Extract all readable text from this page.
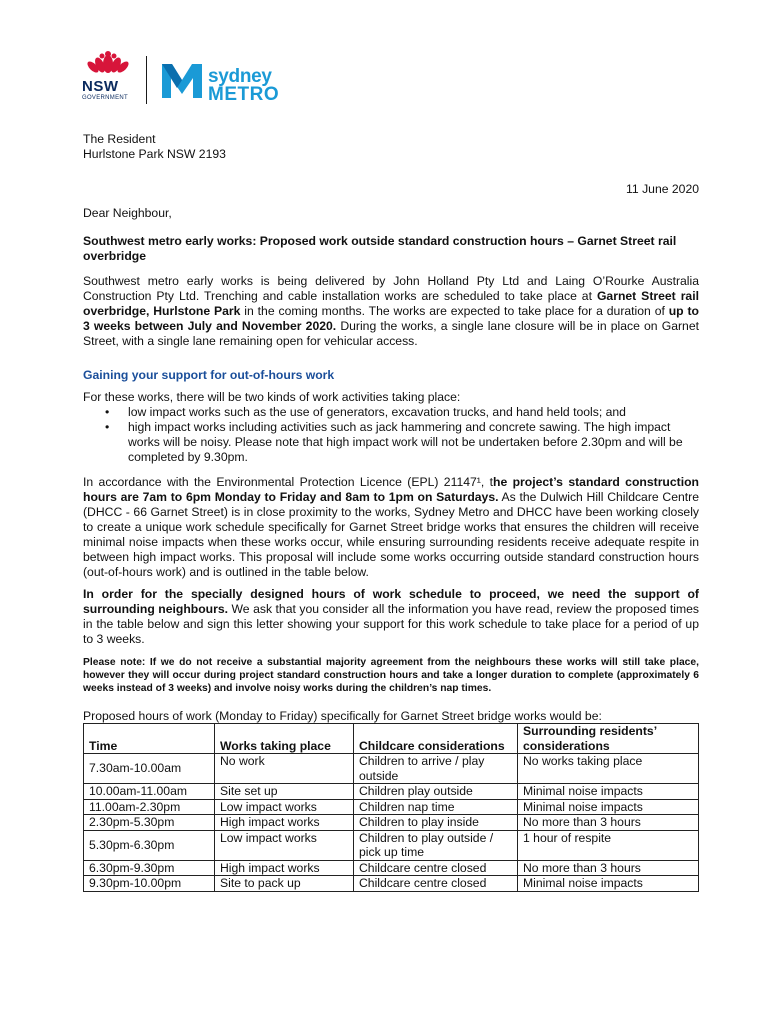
NSW
GOVERNMENT
sydney
METRO
The Resident
Hurlstone Park NSW 2193
11 June 2020
Dear Neighbour,
Southwest metro early works: Proposed work outside standard construction hours – Garnet Street rail overbridge
Southwest metro early works is being delivered by John Holland Pty Ltd and Laing O’Rourke Australia Construction Pty Ltd. Trenching and cable installation works are scheduled to take place at Garnet Street rail overbridge, Hurlstone Park in the coming months. The works are expected to take place for a duration of up to 3 weeks between July and November 2020. During the works, a single lane closure will be in place on Garnet Street, with a single lane remaining open for vehicular access.
Gaining your support for out-of-hours work
For these works, there will be two kinds of work activities taking place:
• low impact works such as the use of generators, excavation trucks, and hand held tools; and
• high impact works including activities such as jack hammering and concrete sawing. The high impact works will be noisy. Please note that high impact work will not be undertaken before 2.30pm and will be completed by 9.30pm.
In accordance with the Environmental Protection Licence (EPL) 21147¹, the project’s standard construction hours are 7am to 6pm Monday to Friday and 8am to 1pm on Saturdays. As the Dulwich Hill Childcare Centre (DHCC - 66 Garnet Street) is in close proximity to the works, Sydney Metro and DHCC have been working closely to create a unique work schedule specifically for Garnet Street bridge works that ensures the children will receive minimal noise impacts when these works occur, while ensuring surrounding residents receive adequate respite in between high impact works. This proposal will include some works occurring outside standard construction hours (out-of-hours work) and is outlined in the table below.
In order for the specially designed hours of work schedule to proceed, we need the support of surrounding neighbours. We ask that you consider all the information you have read, review the proposed times in the table below and sign this letter showing your support for this work schedule to take place for a period of up to 3 weeks.
Please note: If we do not receive a substantial majority agreement from the neighbours these works will still take place, however they will occur during project standard construction hours and take a longer duration to complete (approximately 6 weeks instead of 3 weeks) and involve noisy works during the children’s nap times.
Proposed hours of work (Monday to Friday) specifically for Garnet Street bridge works would be:
Time	Works taking place	Childcare considerations	Surrounding residents’ considerations
7.30am-10.00am	No work	Children to arrive / play outside	No works taking place
10.00am-11.00am	Site set up	Children play outside	Minimal noise impacts
11.00am-2.30pm	Low impact works	Children nap time	Minimal noise impacts
2.30pm-5.30pm	High impact works	Children to play inside	No more than 3 hours
5.30pm-6.30pm	Low impact works	Children to play outside / pick up time	1 hour of respite
6.30pm-9.30pm	High impact works	Childcare centre closed	No more than 3 hours
9.30pm-10.00pm	Site to pack up	Childcare centre closed	Minimal noise impacts
